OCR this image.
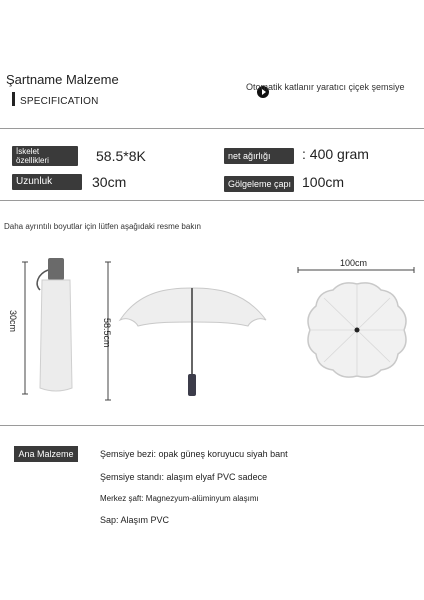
Şartname Malzeme
SPECIFICATION
Otomatik katlanır yaratıcı çiçek şemsiye
İskelet özellikleri	58.5*8K
Uzunluk	30cm
net ağırlığı	: 400 gram
Gölgeleme çapı 100cm
Daha ayrıntılı boyutlar için lütfen aşağıdaki resme bakın
30cm	58.5cm
100cm
Ana Malzeme	Şemsiye bezi: opak güneş koruyucu siyah bant
Şemsiye standı: alaşım elyaf PVC sadece
Merkez şaft: Magnezyum-alüminyum alaşımı
Sap: Alaşım PVC
